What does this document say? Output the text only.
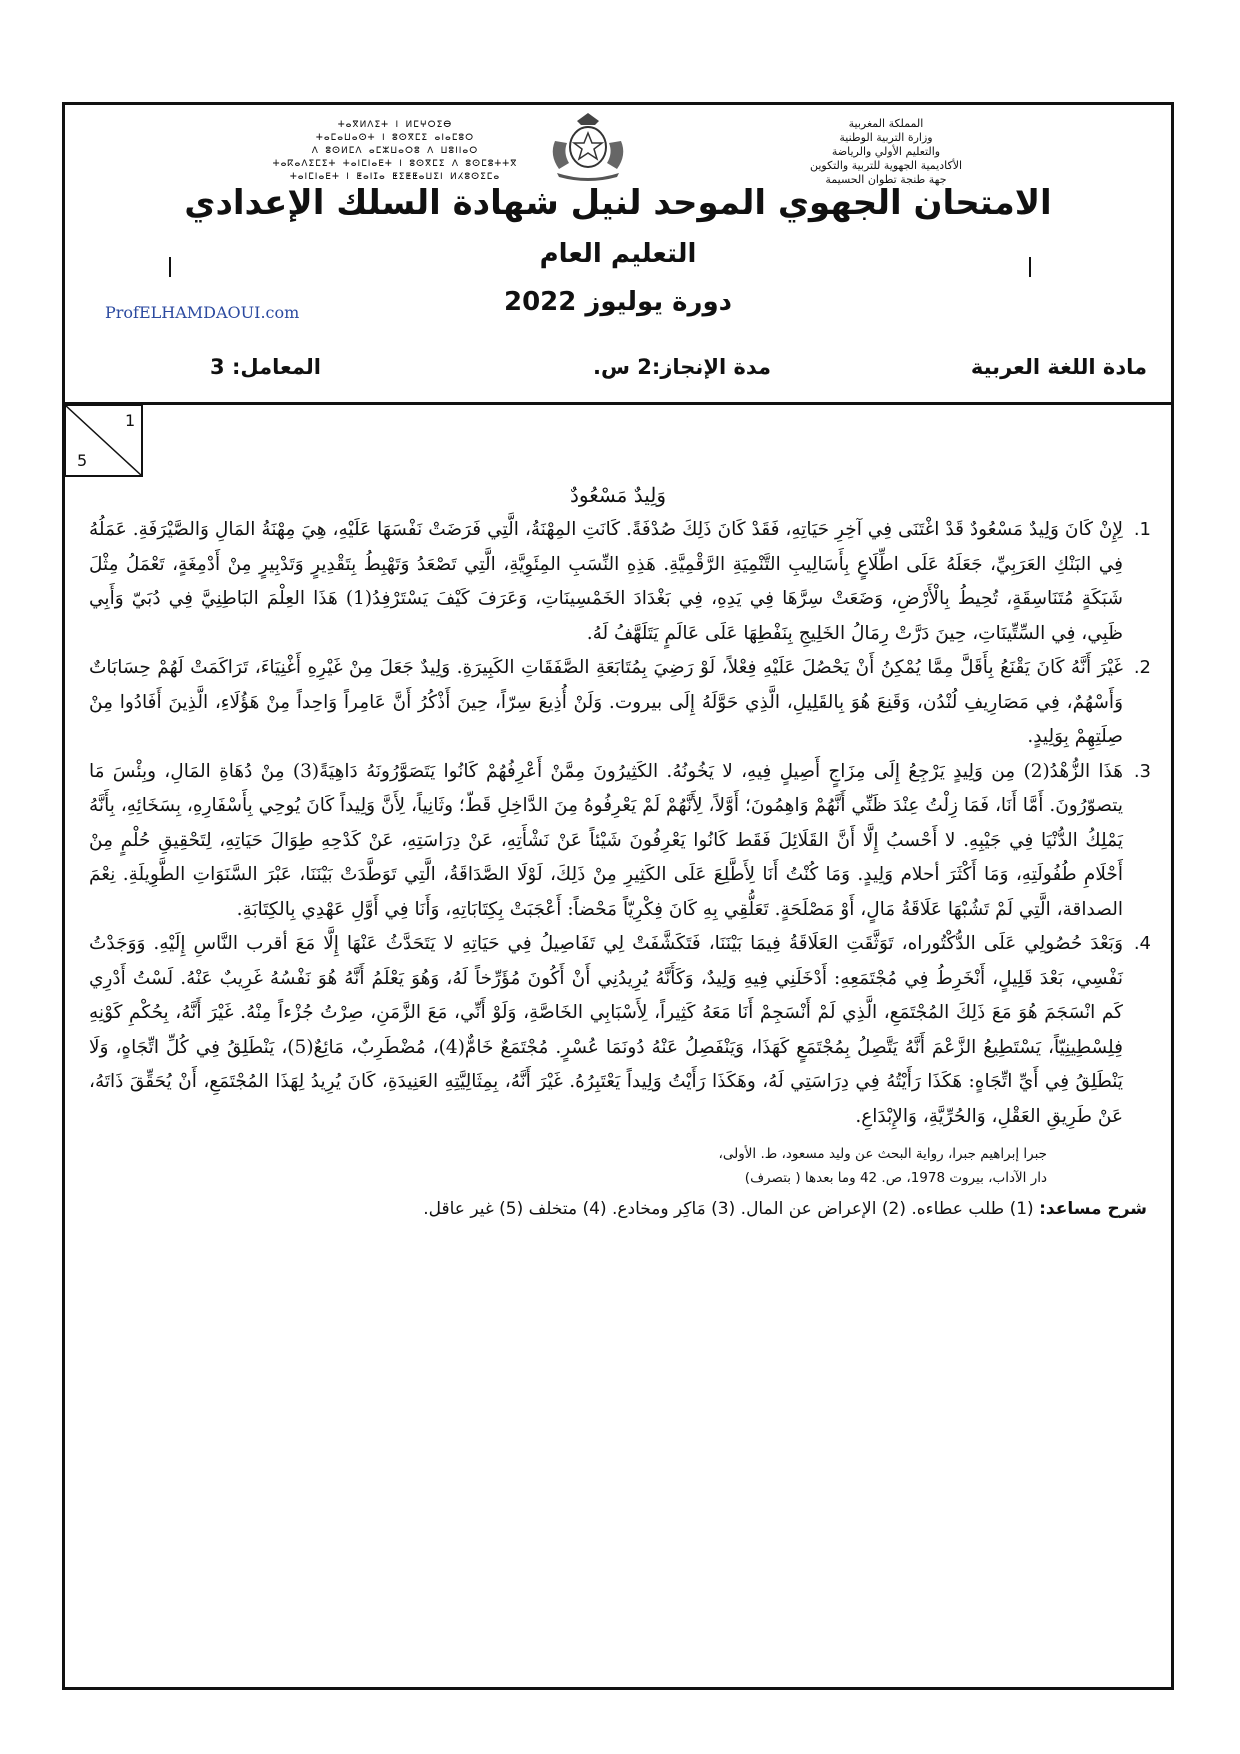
ⵜⴰⴳⵍⴷⵉⵜ ⵏ ⵍⵎⵖⵔⵉⴱ
ⵜⴰⵎⴰⵡⴰⵙⵜ ⵏ ⵓⵙⴳⵎⵉ ⴰⵏⴰⵎⵓⵔ
ⴷ ⵓⵙⵍⵎⴷ ⴰⵎⵣⵡⴰⵔⵓ ⴷ ⵡⵓⵏⵏⴰⵔ
ⵜⴰⴽⴰⴷⵉⵎⵉⵜ ⵜⴰⵏⵎⵏⴰⴹⵜ ⵏ ⵓⵙⴳⵎⵉ ⴷ ⵓⵙⵎⵓⵜⵜⴳ
ⵜⴰⵏⵎⵏⴰⴹⵜ ⵏ ⵟⴰⵏⵊⴰ ⵟⵉⵟⵟⴰⵡⵉⵏ ⵍⵃⵓⵙⵉⵎⴰ
المملكة المغربية
وزارة التربية الوطنية
والتعليم الأولي والرياضة
الأكاديمية الجهوية للتربية والتكوين
جهة طنجة تطوان الحسيمة
الامتحان الجهوي الموحد لنيل شهادة السلك الإعدادي
التعليم العام
دورة يوليوز 2022
ProfELHAMDAOUI.com
مادة اللغة العربية
مدة الإنجاز:2 س.
المعامل: 3
1
5
وَلِيدٌ مَسْعُودٌ

1.
لِإِنْ كَانَ وَلِيدٌ مَسْعُودٌ قَدْ اغْتَنَى فِي آخِرِ حَيَاتِهِ، فَقَدْ كَانَ ذَلِكَ صُدْفَةً. كَانَتِ المِهْنَةُ، الَّتِي فَرَضَتْ نَفْسَهَا عَلَيْهِ، هِيَ مِهْنَةُ المَالِ وَالصَّيْرَفَةِ. عَمَلُهُ فِي البَنْكِ العَرَبِيِّ، جَعَلَهُ عَلَى اطِّلَاعٍ بِأَسَالِيبِ التَّنْمِيَةِ الرَّقْمِيَّةِ. هَذِهِ النِّسَبِ المِئَوِيَّةِ، الَّتِي تَصْعَدُ وَتَهْبِطُ بِتَقْدِيرٍ وَتَدْبِيرٍ مِنْ أَدْمِغَةٍ، تَعْمَلُ مِثْلَ شَبَكَةٍ مُتَنَاسِقَةٍ، تُحِيطُ بِالْأَرْضِ، وَضَعَتْ سِرَّهَا فِي يَدِهِ، فِي بَغْدَادَ الخَمْسِينَاتِ، وَعَرَفَ كَيْفَ يَسْتَرْفِدُ(1) هَذَا العِلْمَ البَاطِنِيَّ فِي دُبَيّ وَأَبِي ظَبِي، فِي السِّتِّينَاتِ، حِينَ دَرَّتْ رِمَالُ الخَلِيجِ بِنَفْطِهَا عَلَى عَالَمٍ يَتَلَهَّفُ لَهُ.

2.
غَيْرَ أَنَّهُ كَانَ يَقْنَعُ بِأَقَلَّ مِمَّا يُمْكِنُ أَنْ يَحْصُلَ عَلَيْهِ فِعْلاً، لَوْ رَضِيَ بِمُتَابَعَةِ الصَّفَقَاتِ الكَبِيرَةِ. وَلِيدٌ جَعَلَ مِنْ غَيْرِهِ أَغْنِيَاءَ، تَرَاكَمَتْ لَهُمْ حِسَابَاتٌ وَأَسْهُمٌ، فِي مَصَارِيفِ لُنْدُن، وَقَنِعَ هُوَ بِالقَلِيلِ، الَّذِي حَوَّلَهُ إِلَى بيروت. وَلَنْ أُذِيعَ سِرّاً، حِينَ أَذْكُرُ أَنَّ عَامِراً وَاحِداً مِنْ هَؤُلَاءِ، الَّذِينَ أَفَادُوا مِنْ صِلَتِهِمْ بِوَلِيدٍ.

3.
هَذَا الزُّهْدُ(2) مِن وَلِيدٍ يَرْجِعُ إِلَى مِزَاجٍ أَصِيلٍ فِيهِ، لا يَخُونُهُ. الكَثِيرُونَ مِمَّنْ أَعْرِفُهُمْ كَانُوا يَتَصَوَّرُونَهُ دَاهِيَةً(3) مِنْ دُهَاةِ المَالِ، وبِئْسَ مَا يتصوّرُونَ. أَمَّا أَنَا، فَمَا زِلْتُ عِنْدَ ظَنِّي أَنَّهُمْ وَاهِمُونَ؛ أَوَّلاً، لِأَنَّهُمْ لَمْ يَعْرِفُوهُ مِنَ الدَّاخِلِ قَطّ؛ وثَانِياً، لِأَنَّ وَلِيداً كَانَ يُوحِي بِأَسْفَارِهِ، بِسَخَائِهِ، بِأَنَّهُ يَمْلِكُ الدُّنْيَا فِي جَيْبِهِ. لا أَحْسبُ إِلَّا أَنَّ القَلَائِلَ فَقَط كَانُوا يَعْرِفُونَ شَيْئاً عَنْ نَشْأَتِهِ، عَنْ دِرَاسَتِهِ، عَنْ كَدْحِهِ طِوَالَ حَيَاتِهِ، لِتَحْقِيقِ حُلْمٍ مِنْ أَحْلَامِ طُفُولَتِهِ، وَمَا أَكْثَرَ أحلام وَلِيدٍ. وَمَا كُنْتُ أَنَا لِأَطَّلِعَ عَلَى الكَثِيرِ مِنْ ذَلِكَ، لَوْلَا الصَّدَاقَةُ، الَّتِي تَوَطَّدَتْ بَيْنَنَا، عَبْرَ السَّنَوَاتِ الطَّوِيلَةِ. نِعْمَ الصداقة، الَّتِي لَمْ تَشُبْهَا عَلَاقَةُ مَالٍ، أَوْ مَصْلَحَةٍ. تَعَلُّقِي بِهِ كَانَ فِكْرِيّاً مَحْضاً: أَعْجَبَتْ بِكِتَابَاتِهِ، وَأَنَا فِي أَوَّلِ عَهْدِي بِالكِتَابَةِ.

4.
وَبَعْدَ حُصُولِي عَلَى الدُّكْتُوراه، تَوَثَّقَتِ العَلَاقَةُ فِيمَا بَيْنَنَا، فَتَكَشَّفَتْ لِي تَفَاصِيلُ فِي حَيَاتِهِ لا يَتَحَدَّثُ عَنْهَا إِلَّا مَعَ أقرب النَّاسِ إِلَيْهِ. وَوَجَدْتُ نَفْسِي، بَعْدَ قَلِيلٍ، أَنْخَرِطُ فِي مُجْتَمَعِهِ: أَدْخَلَنِي فِيهِ وَلِيدٌ، وَكَأَنَّهُ يُرِيدُنِي أَنْ أَكُونَ مُؤَرِّخاً لَهُ، وَهُوَ يَعْلَمُ أَنَّهُ هُوَ نَفْسُهُ غَرِيبٌ عَنْهُ. لَسْتُ أَدْرِي كَم انْسَجَمَ هُوَ مَعَ ذَلِكَ المُجْتَمَعِ، الَّذِي لَمْ أَنْسَجِمْ أَنَا مَعَهُ كَثِيراً، لِأَسْبَابِي الخَاصَّةِ، وَلَوْ أَنِّي، مَعَ الزَّمَنِ، صِرْتُ جُزْءاً مِنْهُ. غَيْرَ أَنَّهُ، بِحُكْمِ كَوْنِهِ فِلِسْطِينِيّاً، يَسْتَطِيعُ الزَّعْمَ أَنَّهُ يَتَّصِلُ بِمُجْتَمَعٍ كَهَذَا، وَيَنْفَصِلُ عَنْهُ دُونَمَا عُسْرٍ. مُجْتَمَعٌ خَامٌّ(4)، مُضْطَرِبٌ، مَائِعٌ(5)، يَنْطَلِقُ فِي كُلِّ اتِّجَاهٍ، وَلَا يَنْطَلِقُ فِي أَيِّ اتِّجَاهٍ: هَكَذَا رَأَيْتُهُ فِي دِرَاسَتِي لَهُ، وهَكَذَا رَأَيْتُ وَلِيداً يَعْتَبِرُهُ. غَيْرَ أَنَّهُ، بِمِثَالِيَّتِهِ العَنِيدَةِ، كَانَ يُرِيدُ لِهَذَا المُجْتَمَعِ، أَنْ يُحَقِّقَ ذَاتَهُ، عَنْ طَرِيقِ العَقْلِ، وَالحُرِّيَّةِ، وَالإِبْدَاعِ.

جبرا إبراهيم جبرا، رواية البحث عن وليد مسعود، ط. الأولى،
دار الآداب، بيروت 1978، ص. 42 وما بعدها ( بتصرف)
شرح مساعد: (1) طلب عطاءه. (2) الإعراض عن المال. (3) مَاكِر ومخادع. (4) متخلف (5) غير عاقل.
